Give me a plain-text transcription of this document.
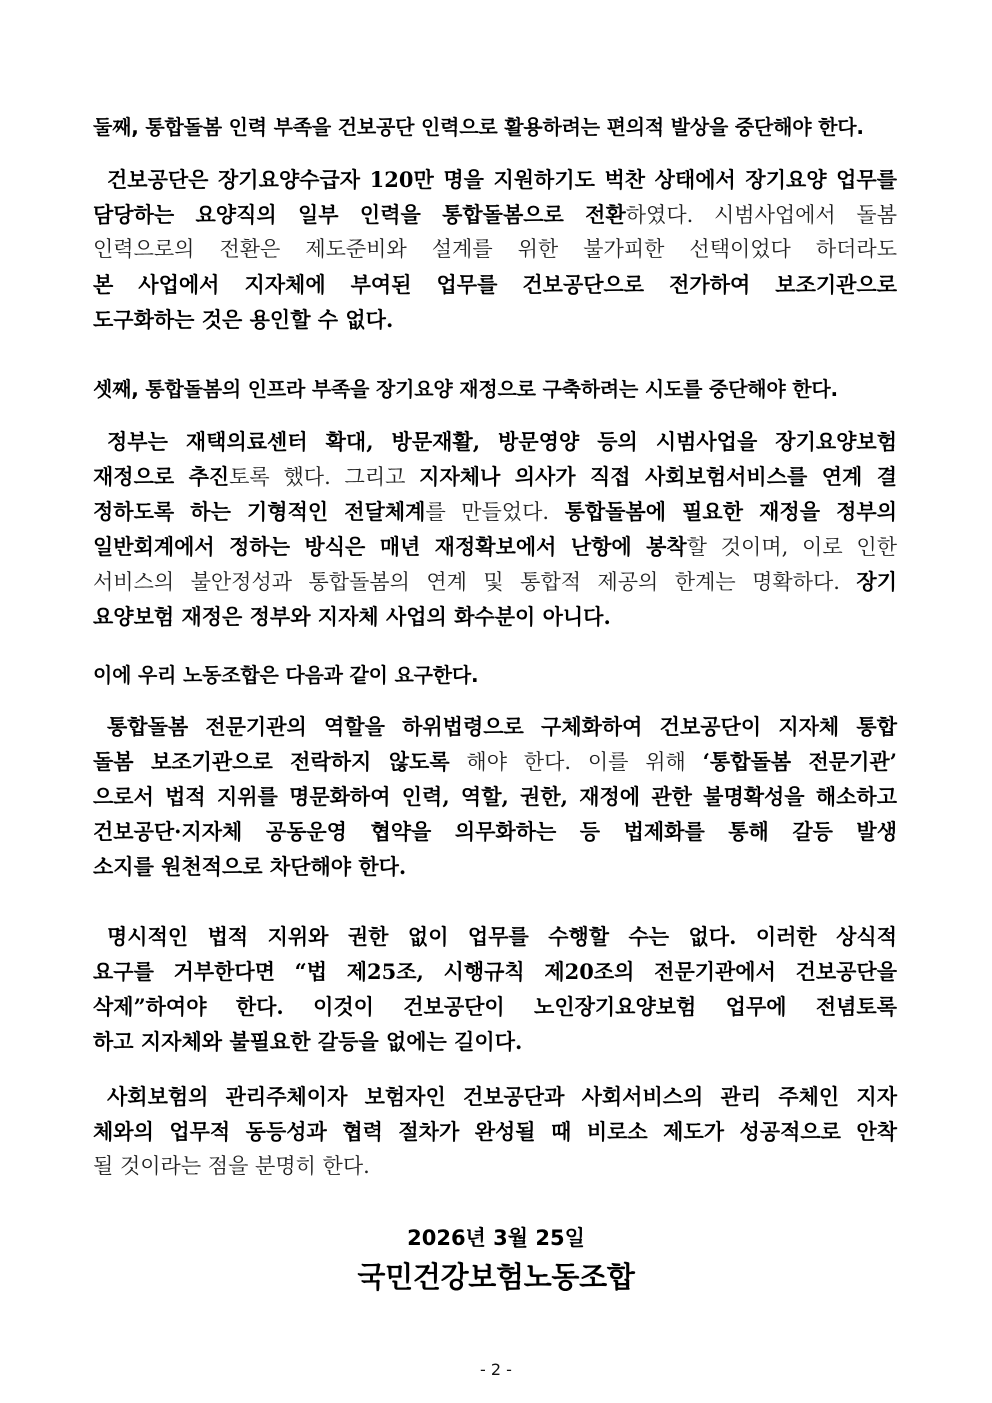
둘째, 통합돌봄 인력 부족을 건보공단 인력으로 활용하려는 편의적 발상을 중단해야 한다.
건보공단은 장기요양수급자 120만 명을 지원하기도 벅찬 상태에서 장기요양 업무를
담당하는 요양직의 일부 인력을 통합돌봄으로 전환하였다. 시범사업에서 돌봄
인력으로의 전환은 제도준비와 설계를 위한 불가피한 선택이었다 하더라도
본 사업에서 지자체에 부여된 업무를 건보공단으로 전가하여 보조기관으로
도구화하는 것은 용인할 수 없다.
셋째, 통합돌봄의 인프라 부족을 장기요양 재정으로 구축하려는 시도를 중단해야 한다.
정부는 재택의료센터 확대, 방문재활, 방문영양 등의 시범사업을 장기요양보험
재정으로 추진토록 했다. 그리고 지자체나 의사가 직접 사회보험서비스를 연계 결
정하도록 하는 기형적인 전달체계를 만들었다. 통합돌봄에 필요한 재정을 정부의
일반회계에서 정하는 방식은 매년 재정확보에서 난항에 봉착할 것이며, 이로 인한
서비스의 불안정성과 통합돌봄의 연계 및 통합적 제공의 한계는 명확하다. 장기
요양보험 재정은 정부와 지자체 사업의 화수분이 아니다.
이에 우리 노동조합은 다음과 같이 요구한다.
통합돌봄 전문기관의 역할을 하위법령으로 구체화하여 건보공단이 지자체 통합
돌봄 보조기관으로 전락하지 않도록 해야 한다. 이를 위해 ‘통합돌봄 전문기관’
으로서 법적 지위를 명문화하여 인력, 역할, 권한, 재정에 관한 불명확성을 해소하고
건보공단·지자체 공동운영 협약을 의무화하는 등 법제화를 통해 갈등 발생
소지를 원천적으로 차단해야 한다.
명시적인 법적 지위와 권한 없이 업무를 수행할 수는 없다. 이러한 상식적
요구를 거부한다면 “법 제25조, 시행규칙 제20조의 전문기관에서 건보공단을
삭제”하여야 한다. 이것이 건보공단이 노인장기요양보험 업무에 전념토록
하고 지자체와 불필요한 갈등을 없에는 길이다.
사회보험의 관리주체이자 보험자인 건보공단과 사회서비스의 관리 주체인 지자
체와의 업무적 동등성과 협력 절차가 완성될 때 비로소 제도가 성공적으로 안착
될 것이라는 점을 분명히 한다.
2026년 3월 25일
국민건강보험노동조합
- 2 -
